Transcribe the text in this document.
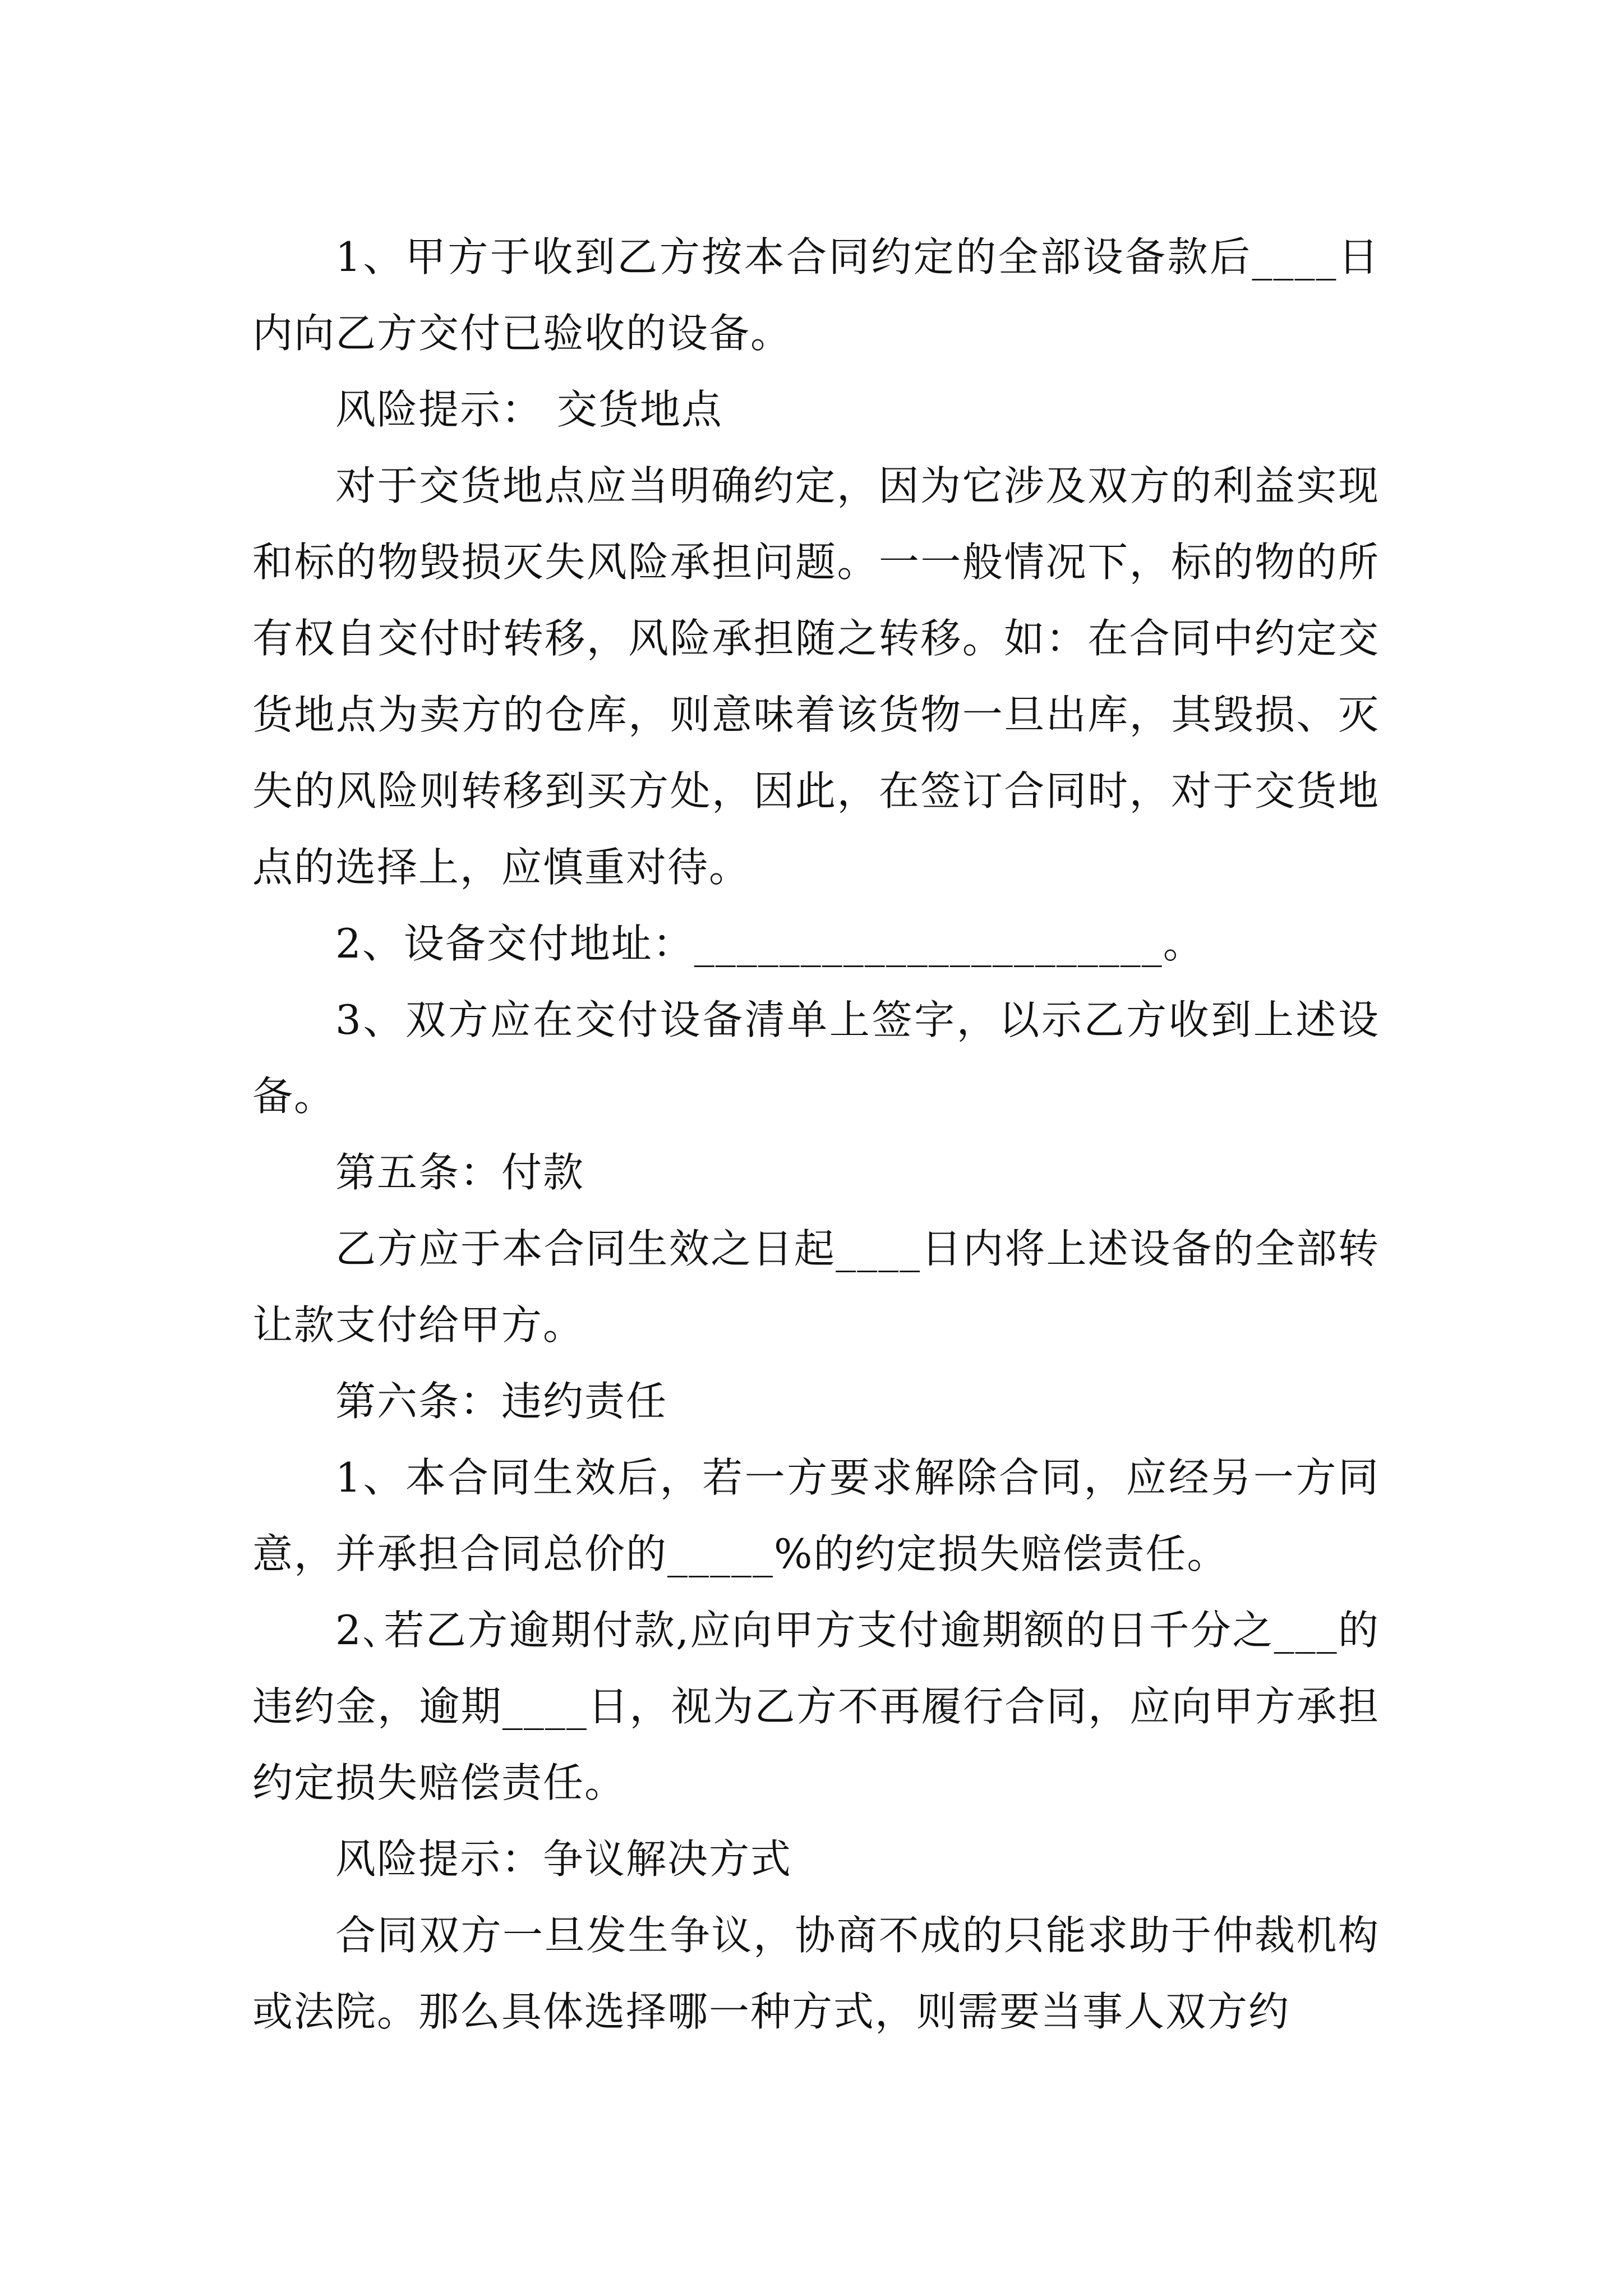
1、甲方于收到乙方按本合同约定的全部设备款后____日内向乙方交付已验收的设备。

风险提示： 交货地点

对于交货地点应当明确约定，因为它涉及双方的利益实现和标的物毁损灭失风险承担问题。一一般情况下，标的物的所有权自交付时转移，风险承担随之转移。如：在合同中约定交货地点为卖方的仓库，则意味着该货物一旦出库，其毁损、灭失的风险则转移到买方处，因此，在签订合同时，对于交货地点的选择上，应慎重对待。

2、设备交付地址：______________________。

3、双方应在交付设备清单上签字，以示乙方收到上述设备。

第五条：付款

乙方应于本合同生效之日起____日内将上述设备的全部转让款支付给甲方。

第六条：违约责任

1、本合同生效后，若一方要求解除合同，应经另一方同意，并承担合同总价的_____%的约定损失赔偿责任。

2､若乙方逾期付款,应向甲方支付逾期额的日千分之___的违约金，逾期____日，视为乙方不再履行合同，应向甲方承担约定损失赔偿责任。

风险提示：争议解决方式

合同双方一旦发生争议，协商不成的只能求助于仲裁机构或法院。那么具体选择哪一种方式，则需要当事人双方约
